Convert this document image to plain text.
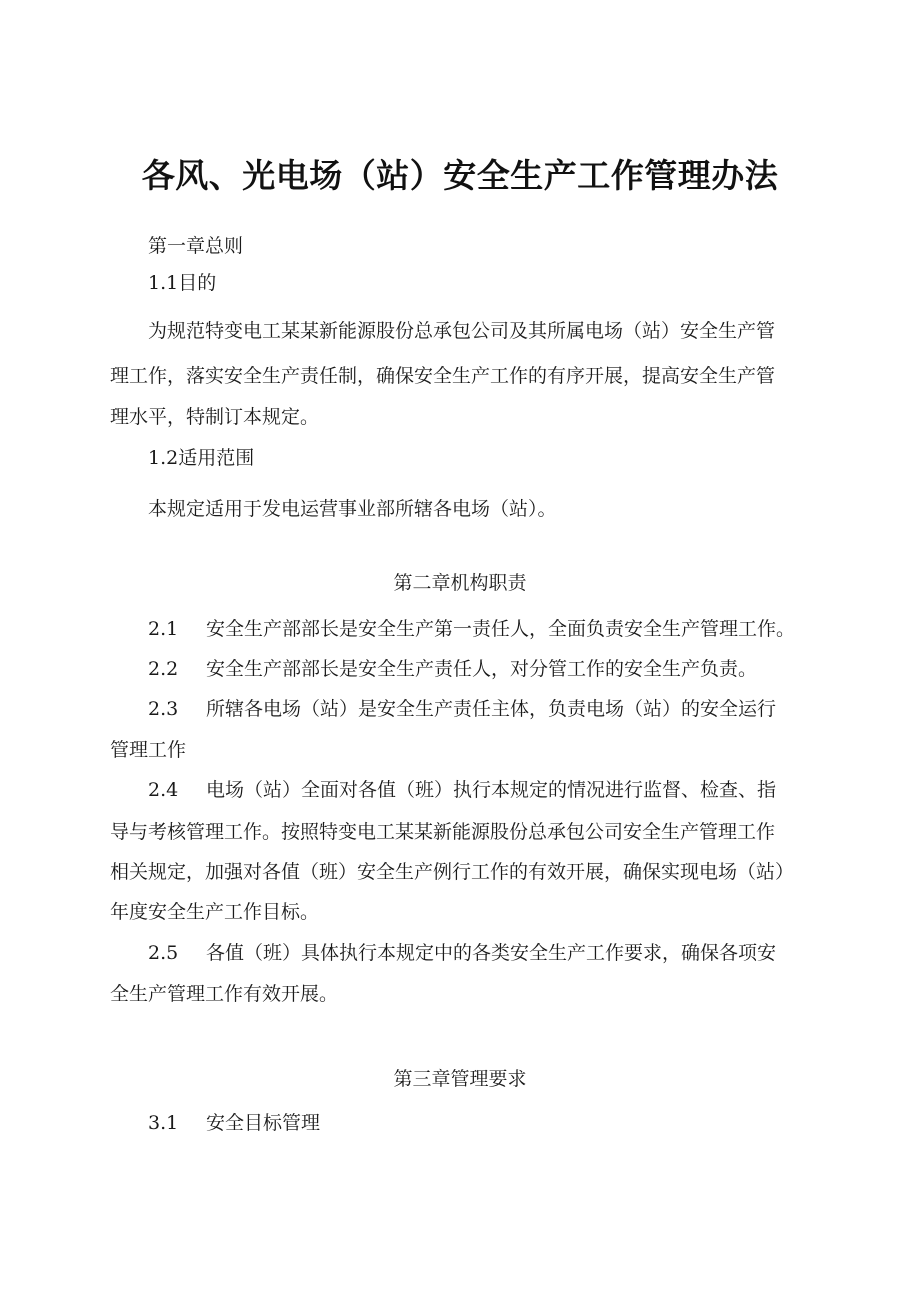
各风、光电场（站）安全生产工作管理办法
第一章总则
1.1目的
为规范特变电工某某新能源股份总承包公司及其所属电场（站）安全生产管
理工作，落实安全生产责任制，确保安全生产工作的有序开展，提高安全生产管
理水平，特制订本规定。
1.2适用范围
本规定适用于发电运营事业部所辖各电场（站）。
第二章机构职责
2.1 安全生产部部长是安全生产第一责任人，全面负责安全生产管理工作。
2.2 安全生产部部长是安全生产责任人，对分管工作的安全生产负责。
2.3 所辖各电场（站）是安全生产责任主体，负责电场（站）的安全运行
管理工作
2.4 电场（站）全面对各值（班）执行本规定的情况进行监督、检查、指
导与考核管理工作。按照特变电工某某新能源股份总承包公司安全生产管理工作
相关规定，加强对各值（班）安全生产例行工作的有效开展，确保实现电场（站）
年度安全生产工作目标。
2.5 各值（班）具体执行本规定中的各类安全生产工作要求，确保各项安
全生产管理工作有效开展。
第三章管理要求
3.1 安全目标管理
